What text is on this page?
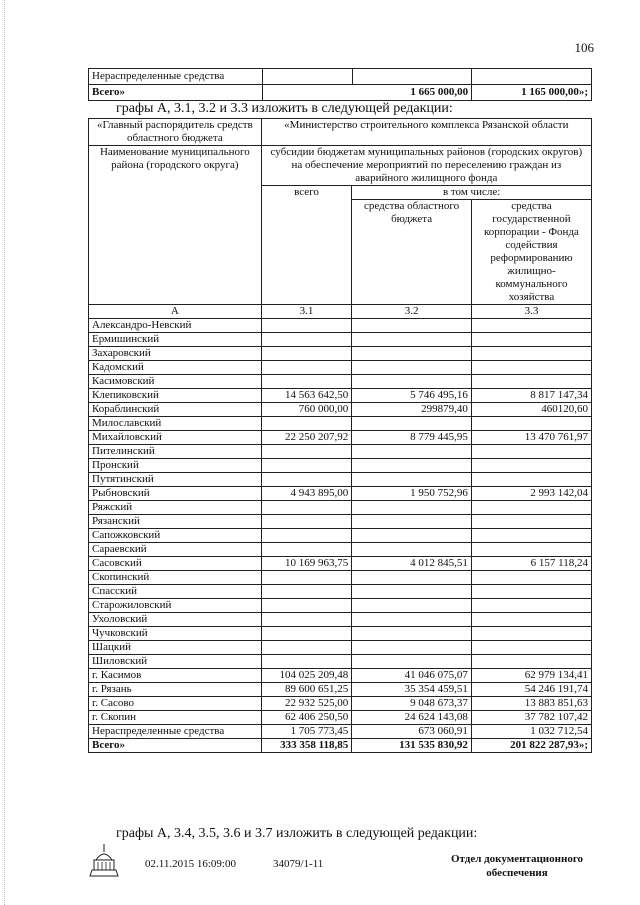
106
Нераспределенные средства			
Всего»	1 665 000,00		1 165 000,00»;
графы А, 3.1, 3.2 и 3.3 изложить в следующей редакции:
«Главный распорядитель средств областного бюджета	«Министерство строительного комплекса Рязанской области		
Наименование муниципального района (городского округа)	субсидии бюджетам муниципальных районов (городских округов) на обеспечение мероприятий по переселению граждан из аварийного жилищного фонда		
	всего	в том числе:	
		средства областного бюджета	средства государственной корпорации - Фонда содействия реформированию жилищно-коммунального хозяйства
А	3.1	3.2	3.3
Александро-Невский			
Ермишинский			
Захаровский			
Кадомский			
Касимовский			
Клепиковский	14 563 642,50	5 746 495,16	8 817 147,34
Кораблинский	760 000,00	299879,40	460120,60
Милославский			
Михайловский	22 250 207,92	8 779 445,95	13 470 761,97
Пителинский			
Пронский			
Путятинский			
Рыбновский	4 943 895,00	1 950 752,96	2 993 142,04
Ряжский			
Рязанский			
Сапожковский			
Сараевский			
Сасовский	10 169 963,75	4 012 845,51	6 157 118,24
Скопинский			
Спасский			
Старожиловский			
Ухоловский			
Чучковский			
Шацкий			
Шиловский			
г. Касимов	104 025 209,48	41 046 075,07	62 979 134,41
г. Рязань	89 600 651,25	35 354 459,51	54 246 191,74
г. Сасово	22 932 525,00	9 048 673,37	13 883 851,63
г. Скопин	62 406 250,50	24 624 143,08	37 782 107,42
Нераспределенные средства	1 705 773,45	673 060,91	1 032 712,54
Всего»	333 358 118,85	131 535 830,92	201 822 287,93»;
графы А, 3.4, 3.5, 3.6 и 3.7 изложить в следующей редакции:
02.11.2015 16:09:00	34079/1-11	Отдел документационного обеспечения
